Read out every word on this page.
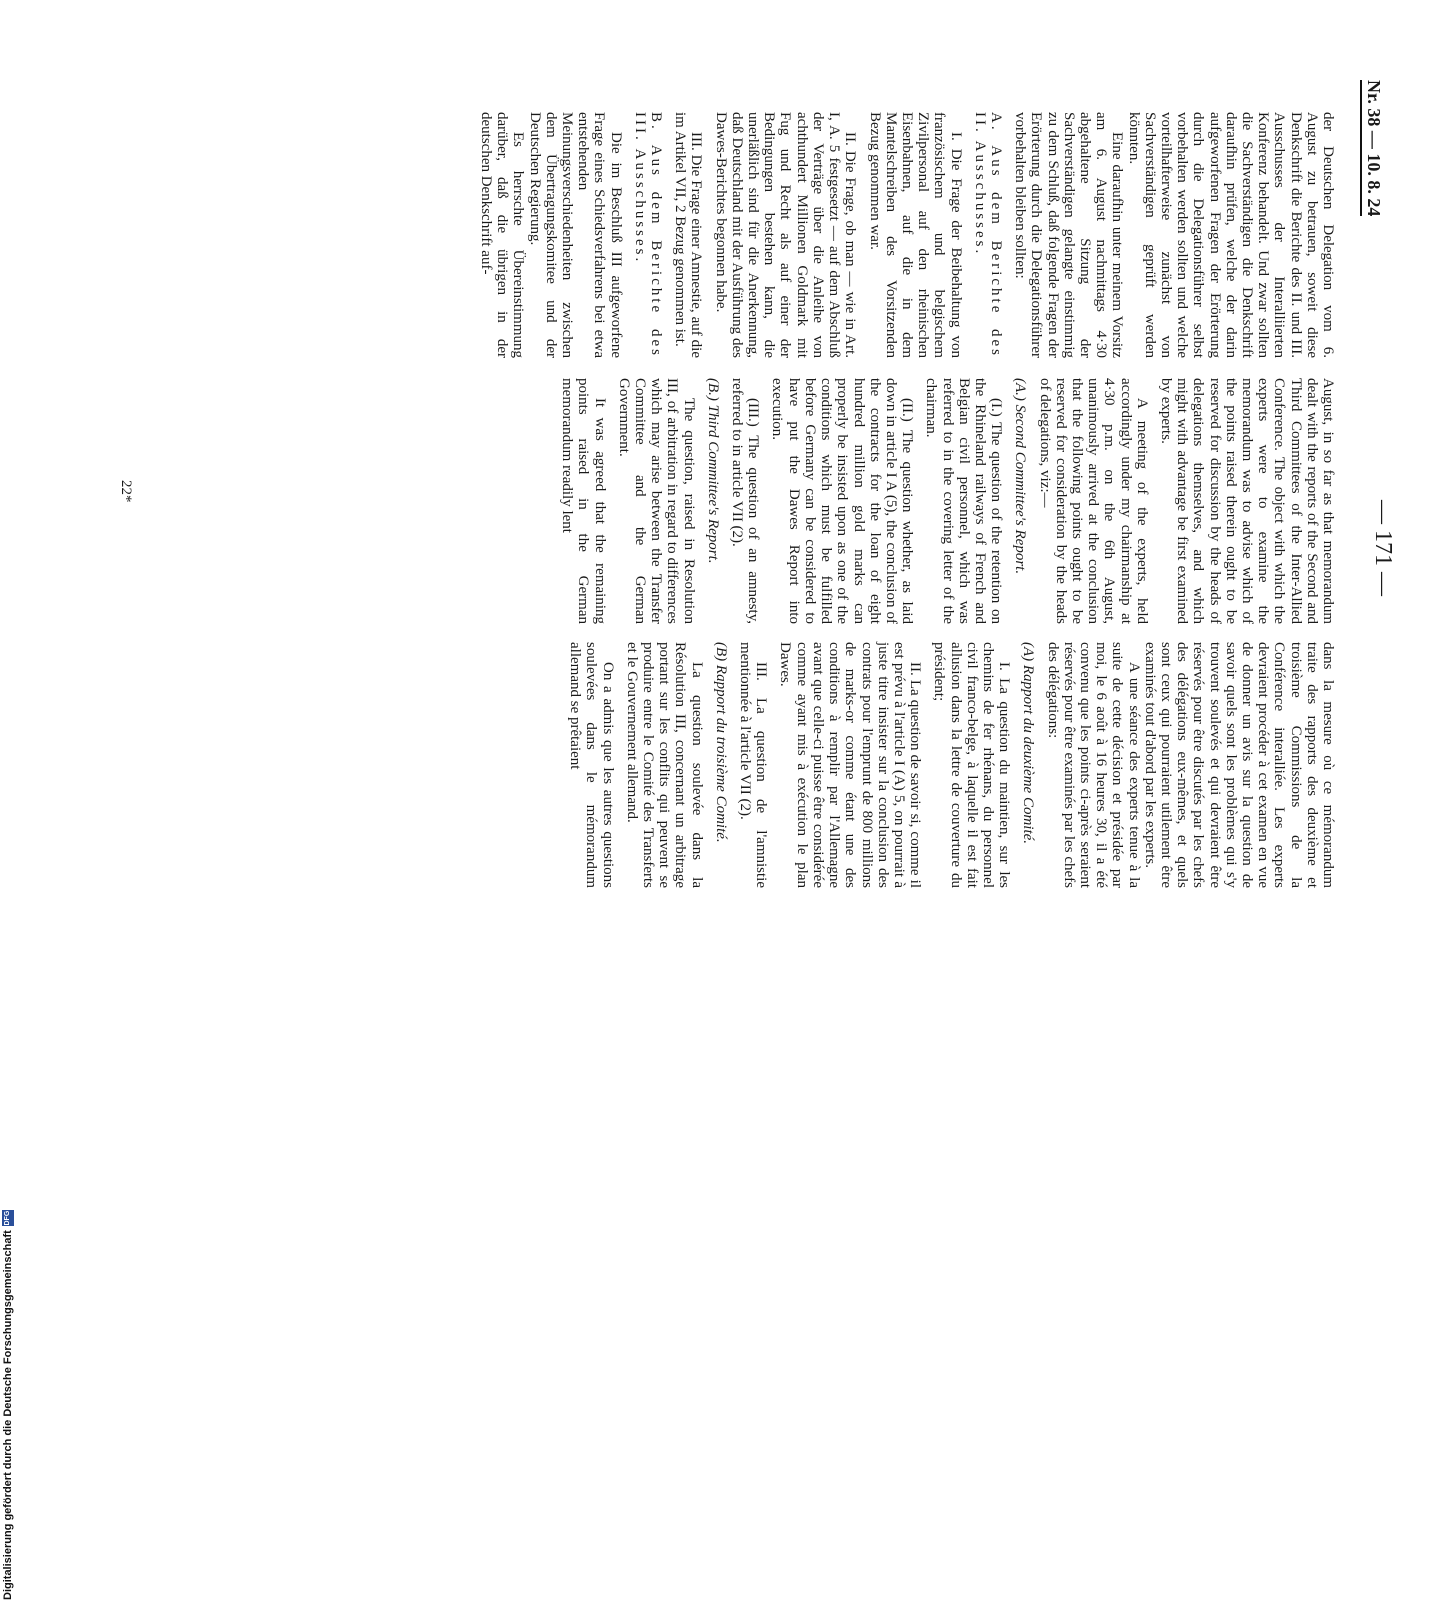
Nr. 38 — 10. 8. 24
— 171 —

der Deutschen Delegation vom 6. August zu betrauen, soweit diese Denkschrift die Berichte des II. und III. Ausschusses der Interalliierten Konferenz behandelt. Und zwar sollten die Sachverständigen die Denkschrift daraufhin prüfen, welche der darin aufgeworfenen Fragen der Erörterung durch die Delegationsführer selbst vorbehalten werden sollten und welche vorteilhafterweise zunächst von Sachverständigen geprüft werden könnten.

Eine daraufhin unter meinem Vorsitz am 6. August nachmittags 4·30 abgehaltene Sitzung der Sachverständigen gelangte einstimmig zu dem Schluß, daß folgende Fragen der Erörterung durch die Delegationsführer vorbehalten bleiben sollten:

A. Aus dem Berichte des II. Ausschusses.

I. Die Frage der Beibehaltung von französischem und belgischem Zivilpersonal auf den rheinischen Eisenbahnen, auf die in dem Mantelschreiben des Vorsitzenden Bezug genommen war.

II. Die Frage, ob man — wie in Art. I, A. 5 festgesetzt — auf dem Abschluß der Verträge über die Anleihe von achthundert Millionen Goldmark mit Fug und Recht als auf einer der Bedingungen bestehen kann, die unerläßlich sind für die Anerkennung, daß Deutschland mit der Ausführung des Dawes-Berichtes begonnen habe.

III. Die Frage einer Amnestie, auf die im Artikel VII, 2 Bezug genommen ist.

B. Aus dem Berichte des III. Ausschusses.

Die im Beschluß III aufgeworfene Frage eines Schiedsverfahrens bei etwa entstehenden Meinungsverschiedenheiten zwischen dem Übertragungskomitee und der Deutschen Regierung.

Es herrschte Übereinstimmung darüber, daß die übrigen in der deutschen Denkschrift auf-

August, in so far as that memorandum dealt with the reports of the Second and Third Committees of the Inter-Allied Conference. The object with which the experts were to examine the memorandum was to advise which of the points raised therein ought to be reserved for discussion by the heads of delegations themselves, and which might with advantage be first examined by experts.

A meeting of the experts, held accordingly under my chairmanship at 4·30 p.m. on the 6th August, unanimously arrived at the conclusion that the following points ought to be reserved for consideration by the heads of delegations, viz:—

(A.) Second Committee's Report.

(I.) The question of the retention on the Rhineland railways of French and Belgian civil personnel, which was referred to in the covering letter of the chairman.

(II.) The question whether, as laid down in article I A (5), the conclusion of the contracts for the loan of eight hundred million gold marks can properly be insisted upon as one of the conditions which must be fulfilled before Germany can be considered to have put the Dawes Report into execution.

(III.) The question of an amnesty, referred to in article VII (2).

(B.) Third Committee's Report.

The question, raised in Resolution III, of arbitration in regard to differences which may arise between the Transfer Committee and the German Government.

It was agreed that the remaining points raised in the German memorandum readily lent

dans la mesure où ce mémorandum traite des rapports des deuxième et troisième Commissions de la Conférence interalliée. Les experts devraient procéder à cet examen en vue de donner un avis sur la question de savoir quels sont les problèmes qui s'y trouvent soulevés et qui devraient être réservés pour être discutés par les chefs des délégations eux-mêmes, et quels sont ceux qui pourraient utilement être examinés tout d'abord par les experts.

A une séance des experts tenue à la suite de cette décision et présidée par moi, le 6 août à 16 heures 30, il a été convenu que les points ci-après seraient réservés pour être examinés par les chefs des délégations:

(A) Rapport du deuxième Comité.

I. La question du maintien, sur les chemins de fer rhénans, du personnel civil franco-belge, à laquelle il est fait allusion dans la lettre de couverture du président;

II. La question de savoir si, comme il est prévu à l'article I (A) 5, on pourrait à juste titre insister sur la conclusion des contrats pour l'emprunt de 800 millions de marks-or comme étant une des conditions à remplir par l'Allemagne avant que celle-ci puisse être considérée comme ayant mis à exécution le plan Dawes.

III. La question de l'amnistie mentionnée à l'article VII (2).

(B) Rapport du troisième Comité.

La question soulevée dans la Résolution III, concernant un arbitrage portant sur les conflits qui peuvent se produire entre le Comité des Transferts et le Gouvernement allemand.

On a admis que les autres questions soulevées dans le mémorandum allemand se prêtaient

22*
Digitalisierung gefördert durch die Deutsche Forschungsgemeinschaft
DFG
